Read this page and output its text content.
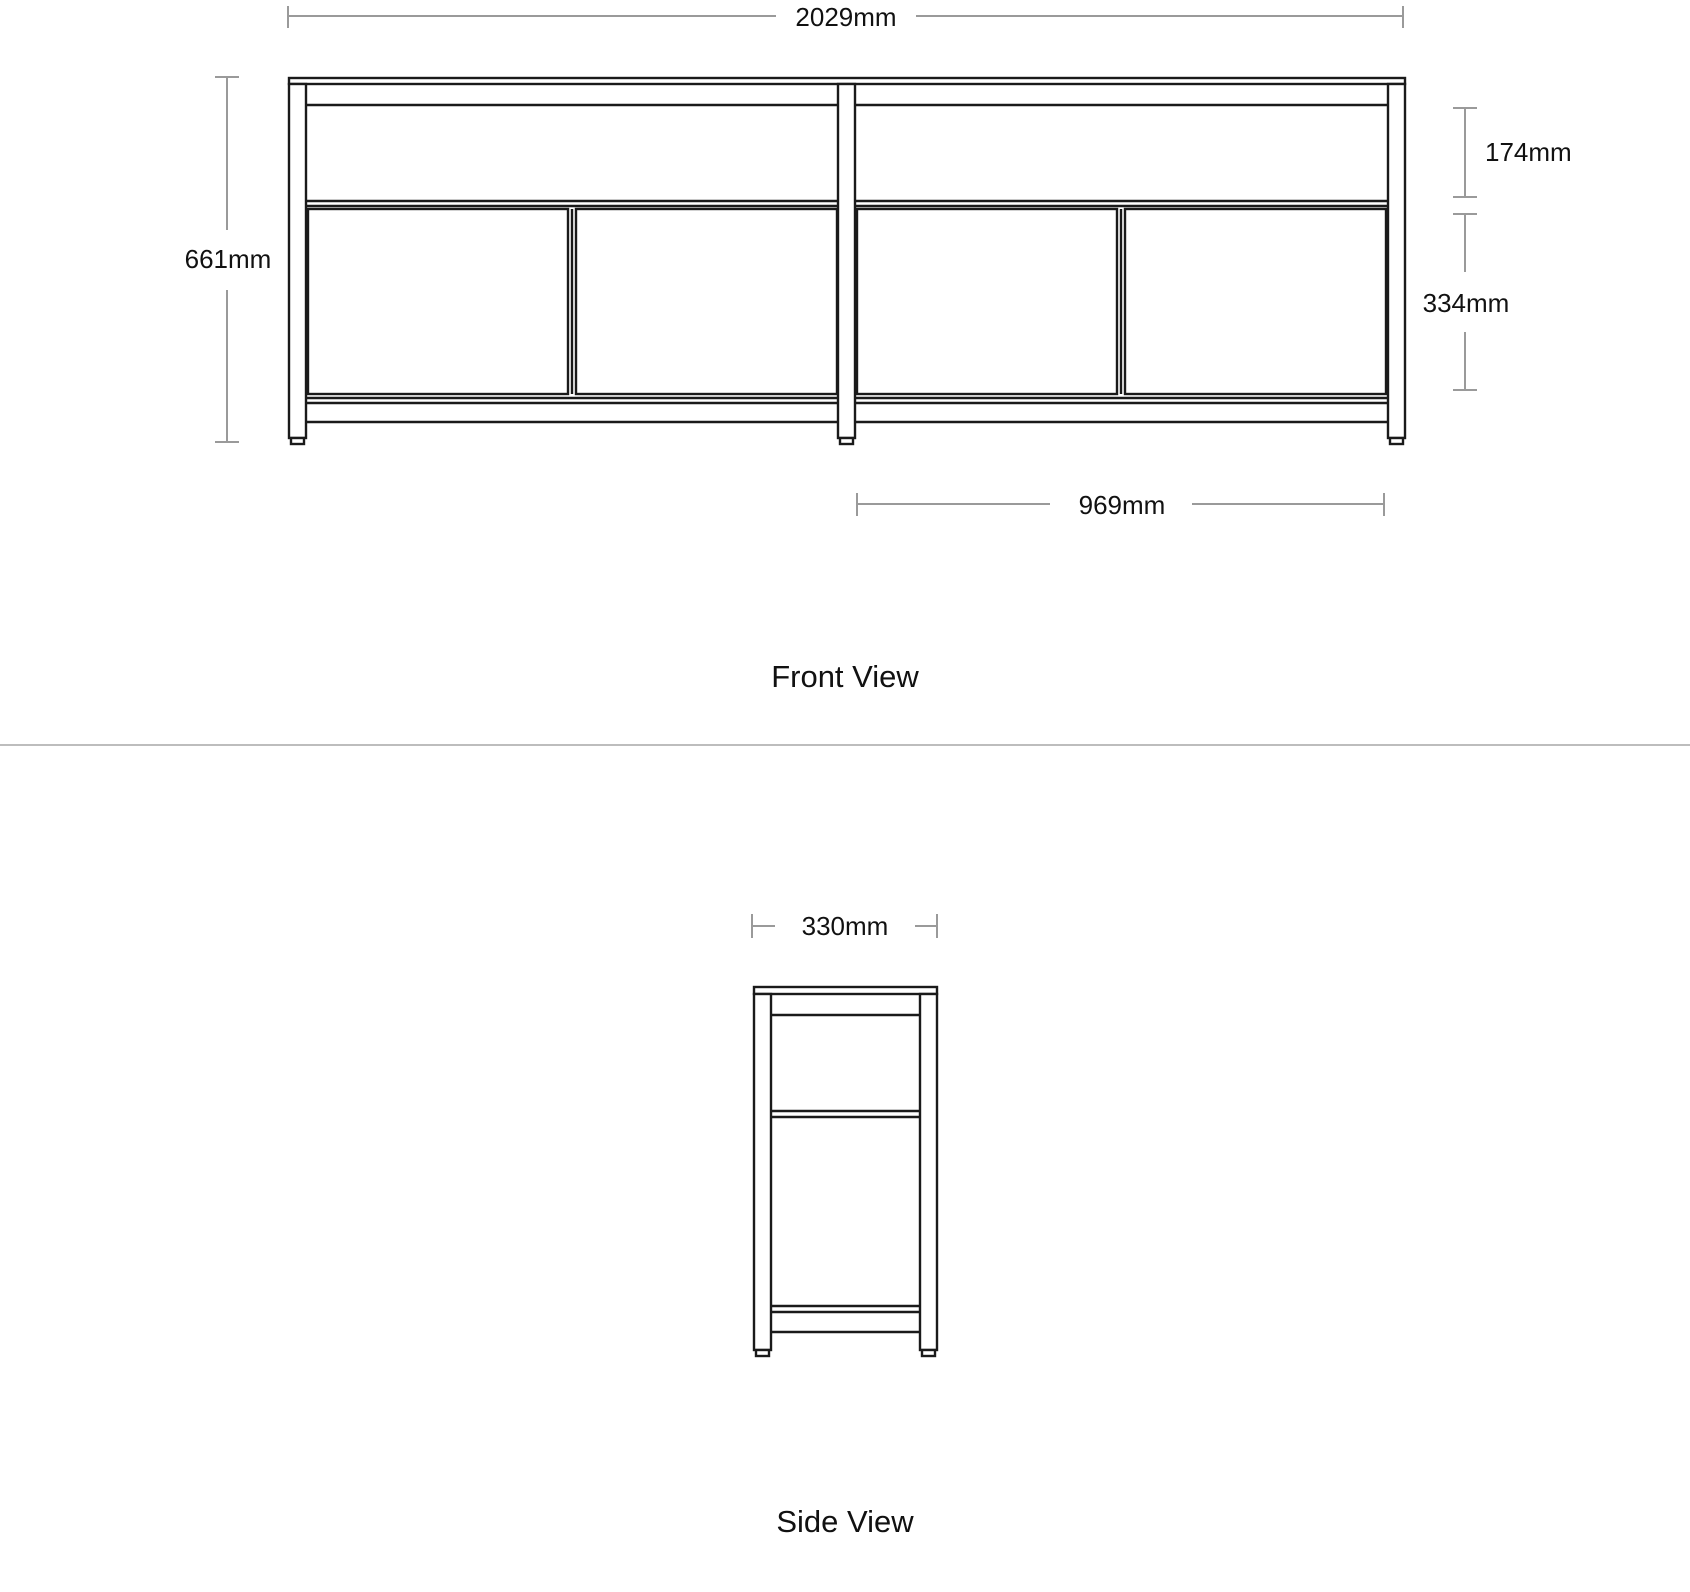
2029mm
661mm
174mm
334mm
969mm
Front View
330mm
Side View
